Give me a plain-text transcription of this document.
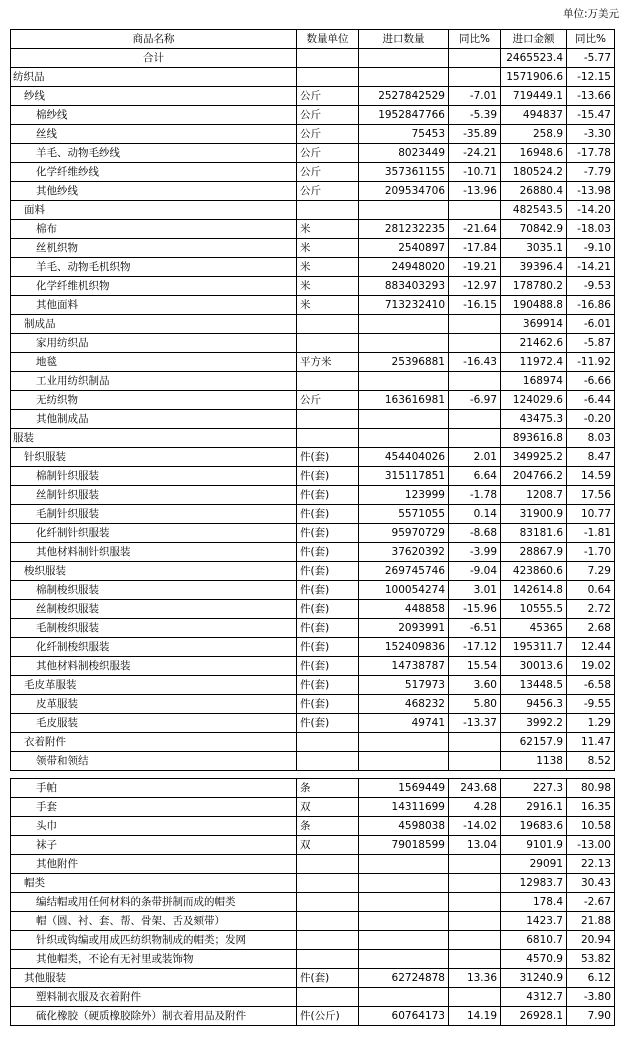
单位:万美元
商品名称	数量单位	进口数量	同比%	进口金额	同比%
合计				2465523.4	-5.77
纺织品				1571906.6	-12.15
纱线	公斤	2527842529	-7.01	719449.1	-13.66
棉纱线	公斤	1952847766	-5.39	494837	-15.47
丝线	公斤	75453	-35.89	258.9	-3.30
羊毛、动物毛纱线	公斤	8023449	-24.21	16948.6	-17.78
化学纤维纱线	公斤	357361155	-10.71	180524.2	-7.79
其他纱线	公斤	209534706	-13.96	26880.4	-13.98
面料				482543.5	-14.20
棉布	米	281232235	-21.64	70842.9	-18.03
丝机织物	米	2540897	-17.84	3035.1	-9.10
羊毛、动物毛机织物	米	24948020	-19.21	39396.4	-14.21
化学纤维机织物	米	883403293	-12.97	178780.2	-9.53
其他面料	米	713232410	-16.15	190488.8	-16.86
制成品				369914	-6.01
家用纺织品				21462.6	-5.87
地毯	平方米	25396881	-16.43	11972.4	-11.92
工业用纺织制品				168974	-6.66
无纺织物	公斤	163616981	-6.97	124029.6	-6.44
其他制成品				43475.3	-0.20
服装				893616.8	8.03
针织服装	件(套)	454404026	2.01	349925.2	8.47
棉制针织服装	件(套)	315117851	6.64	204766.2	14.59
丝制针织服装	件(套)	123999	-1.78	1208.7	17.56
毛制针织服装	件(套)	5571055	0.14	31900.9	10.77
化纤制针织服装	件(套)	95970729	-8.68	83181.6	-1.81
其他材料制针织服装	件(套)	37620392	-3.99	28867.9	-1.70
梭织服装	件(套)	269745746	-9.04	423860.6	7.29
棉制梭织服装	件(套)	100054274	3.01	142614.8	0.64
丝制梭织服装	件(套)	448858	-15.96	10555.5	2.72
毛制梭织服装	件(套)	2093991	-6.51	45365	2.68
化纤制梭织服装	件(套)	152409836	-17.12	195311.7	12.44
其他材料制梭织服装	件(套)	14738787	15.54	30013.6	19.02
毛皮革服装	件(套)	517973	3.60	13448.5	-6.58
皮革服装	件(套)	468232	5.80	9456.3	-9.55
毛皮服装	件(套)	49741	-13.37	3992.2	1.29
衣着附件				62157.9	11.47
领带和领结				1138	8.52
手帕	条	1569449	243.68	227.3	80.98
手套	双	14311699	4.28	2916.1	16.35
头巾	条	4598038	-14.02	19683.6	10.58
袜子	双	79018599	13.04	9101.9	-13.00
其他附件				29091	22.13
帽类				12983.7	30.43
编结帽或用任何材料的条带拼制而成的帽类				178.4	-2.67
帽（圆、衬、套、帮、骨架、舌及颏带）				1423.7	21.88
针织或钩编或用成匹纺织物制成的帽类；发网				6810.7	20.94
其他帽类，不论有无衬里或装饰物				4570.9	53.82
其他服装	件(套)	62724878	13.36	31240.9	6.12
塑料制衣服及衣着附件				4312.7	-3.80
硫化橡胶（硬质橡胶除外）制衣着用品及附件	件(公斤)	60764173	14.19	26928.1	7.90
